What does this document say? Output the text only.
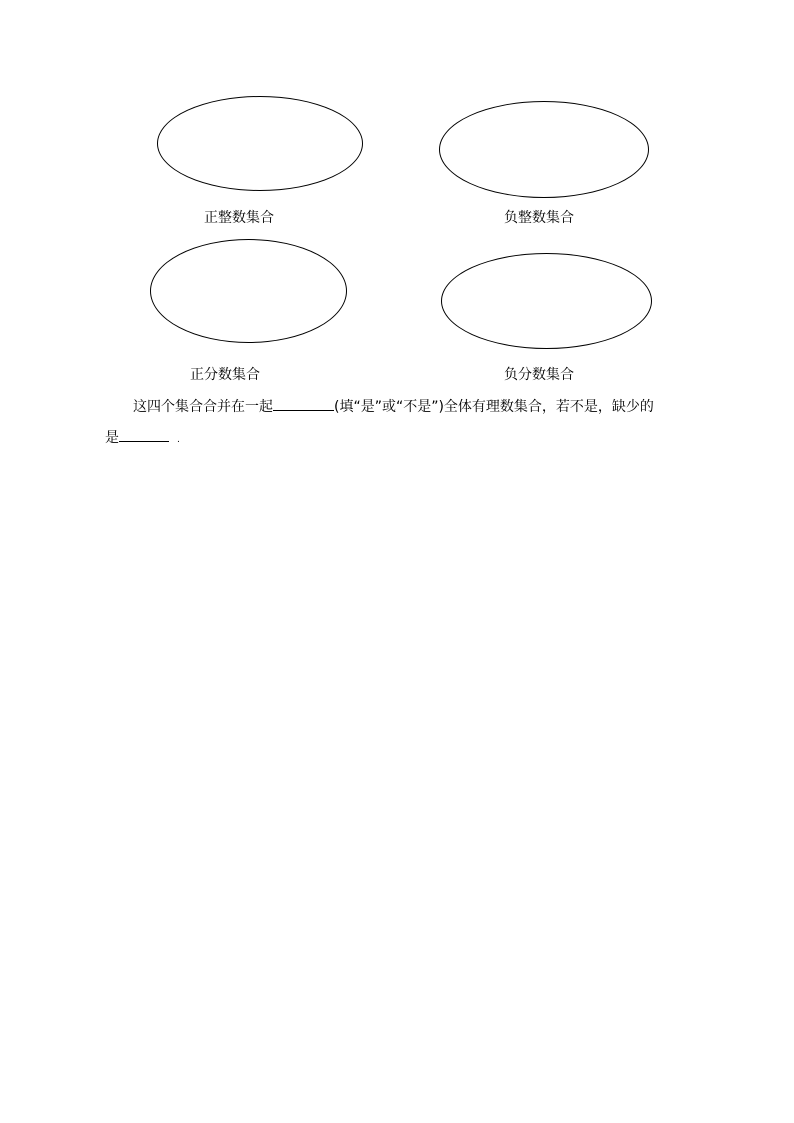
正整数集合	负整数集合
正分数集合	负分数集合
这四个集合合并在一起	(填“是”或“不是”)全体有理数集合，若不是，缺少的
是	.
